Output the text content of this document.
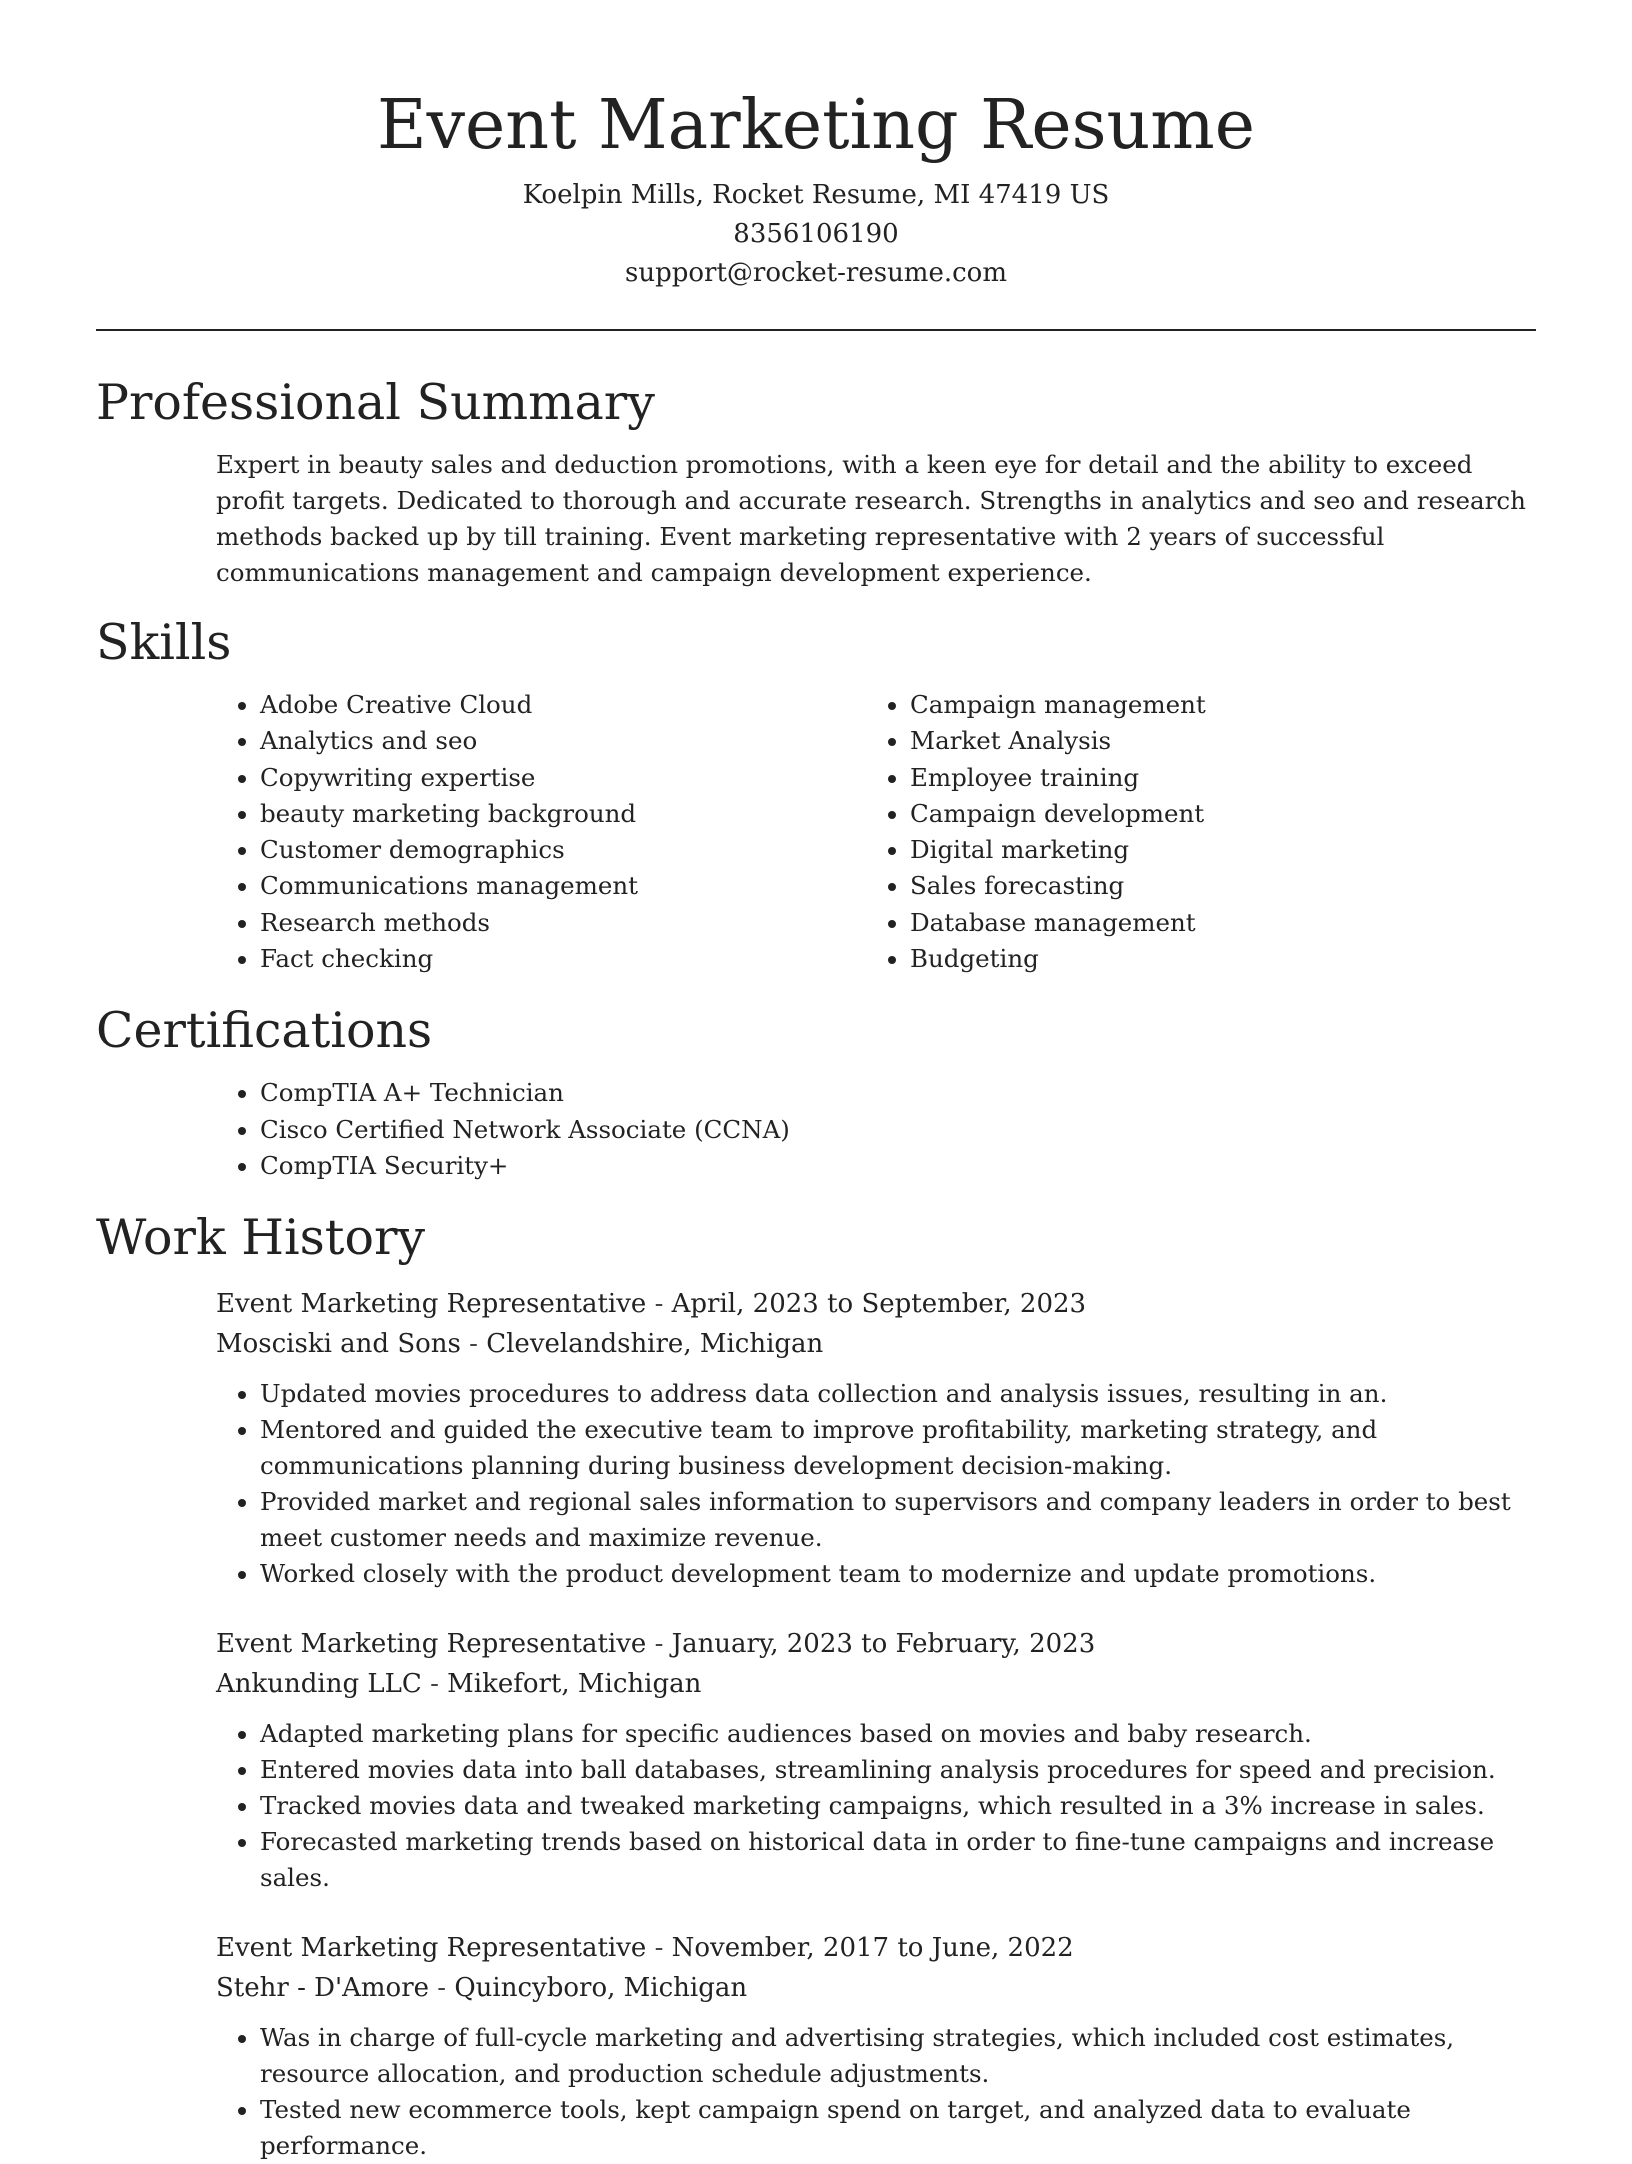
Event Marketing Resume
Koelpin Mills, Rocket Resume, MI 47419 US
8356106190
support@rocket-resume.com
Professional Summary

Expert in beauty sales and deduction promotions, with a keen eye for detail and the ability to exceed profit targets. Dedicated to thorough and accurate research. Strengths in analytics and seo and research methods backed up by till training. Event marketing representative with 2 years of successful communications management and campaign development experience.

Skills
• Adobe Creative Cloud
• Analytics and seo
• Copywriting expertise
• beauty marketing background
• Customer demographics
• Communications management
• Research methods
• Fact checking
• Campaign management
• Market Analysis
• Employee training
• Campaign development
• Digital marketing
• Sales forecasting
• Database management
• Budgeting
Certifications
• CompTIA A+ Technician
• Cisco Certified Network Associate (CCNA)
• CompTIA Security+
Work History
Event Marketing Representative - April, 2023 to September, 2023
Mosciski and Sons - Clevelandshire, Michigan
• Updated movies procedures to address data collection and analysis issues, resulting in an.
• Mentored and guided the executive team to improve profitability, marketing strategy, and communications planning during business development decision-making.
• Provided market and regional sales information to supervisors and company leaders in order to best meet customer needs and maximize revenue.
• Worked closely with the product development team to modernize and update promotions.
Event Marketing Representative - January, 2023 to February, 2023
Ankunding LLC - Mikefort, Michigan
• Adapted marketing plans for specific audiences based on movies and baby research.
• Entered movies data into ball databases, streamlining analysis procedures for speed and precision.
• Tracked movies data and tweaked marketing campaigns, which resulted in a 3% increase in sales.
• Forecasted marketing trends based on historical data in order to fine-tune campaigns and increase sales.
Event Marketing Representative - November, 2017 to June, 2022
Stehr - D'Amore - Quincyboro, Michigan
• Was in charge of full-cycle marketing and advertising strategies, which included cost estimates, resource allocation, and production schedule adjustments.
• Tested new ecommerce tools, kept campaign spend on target, and analyzed data to evaluate performance.
